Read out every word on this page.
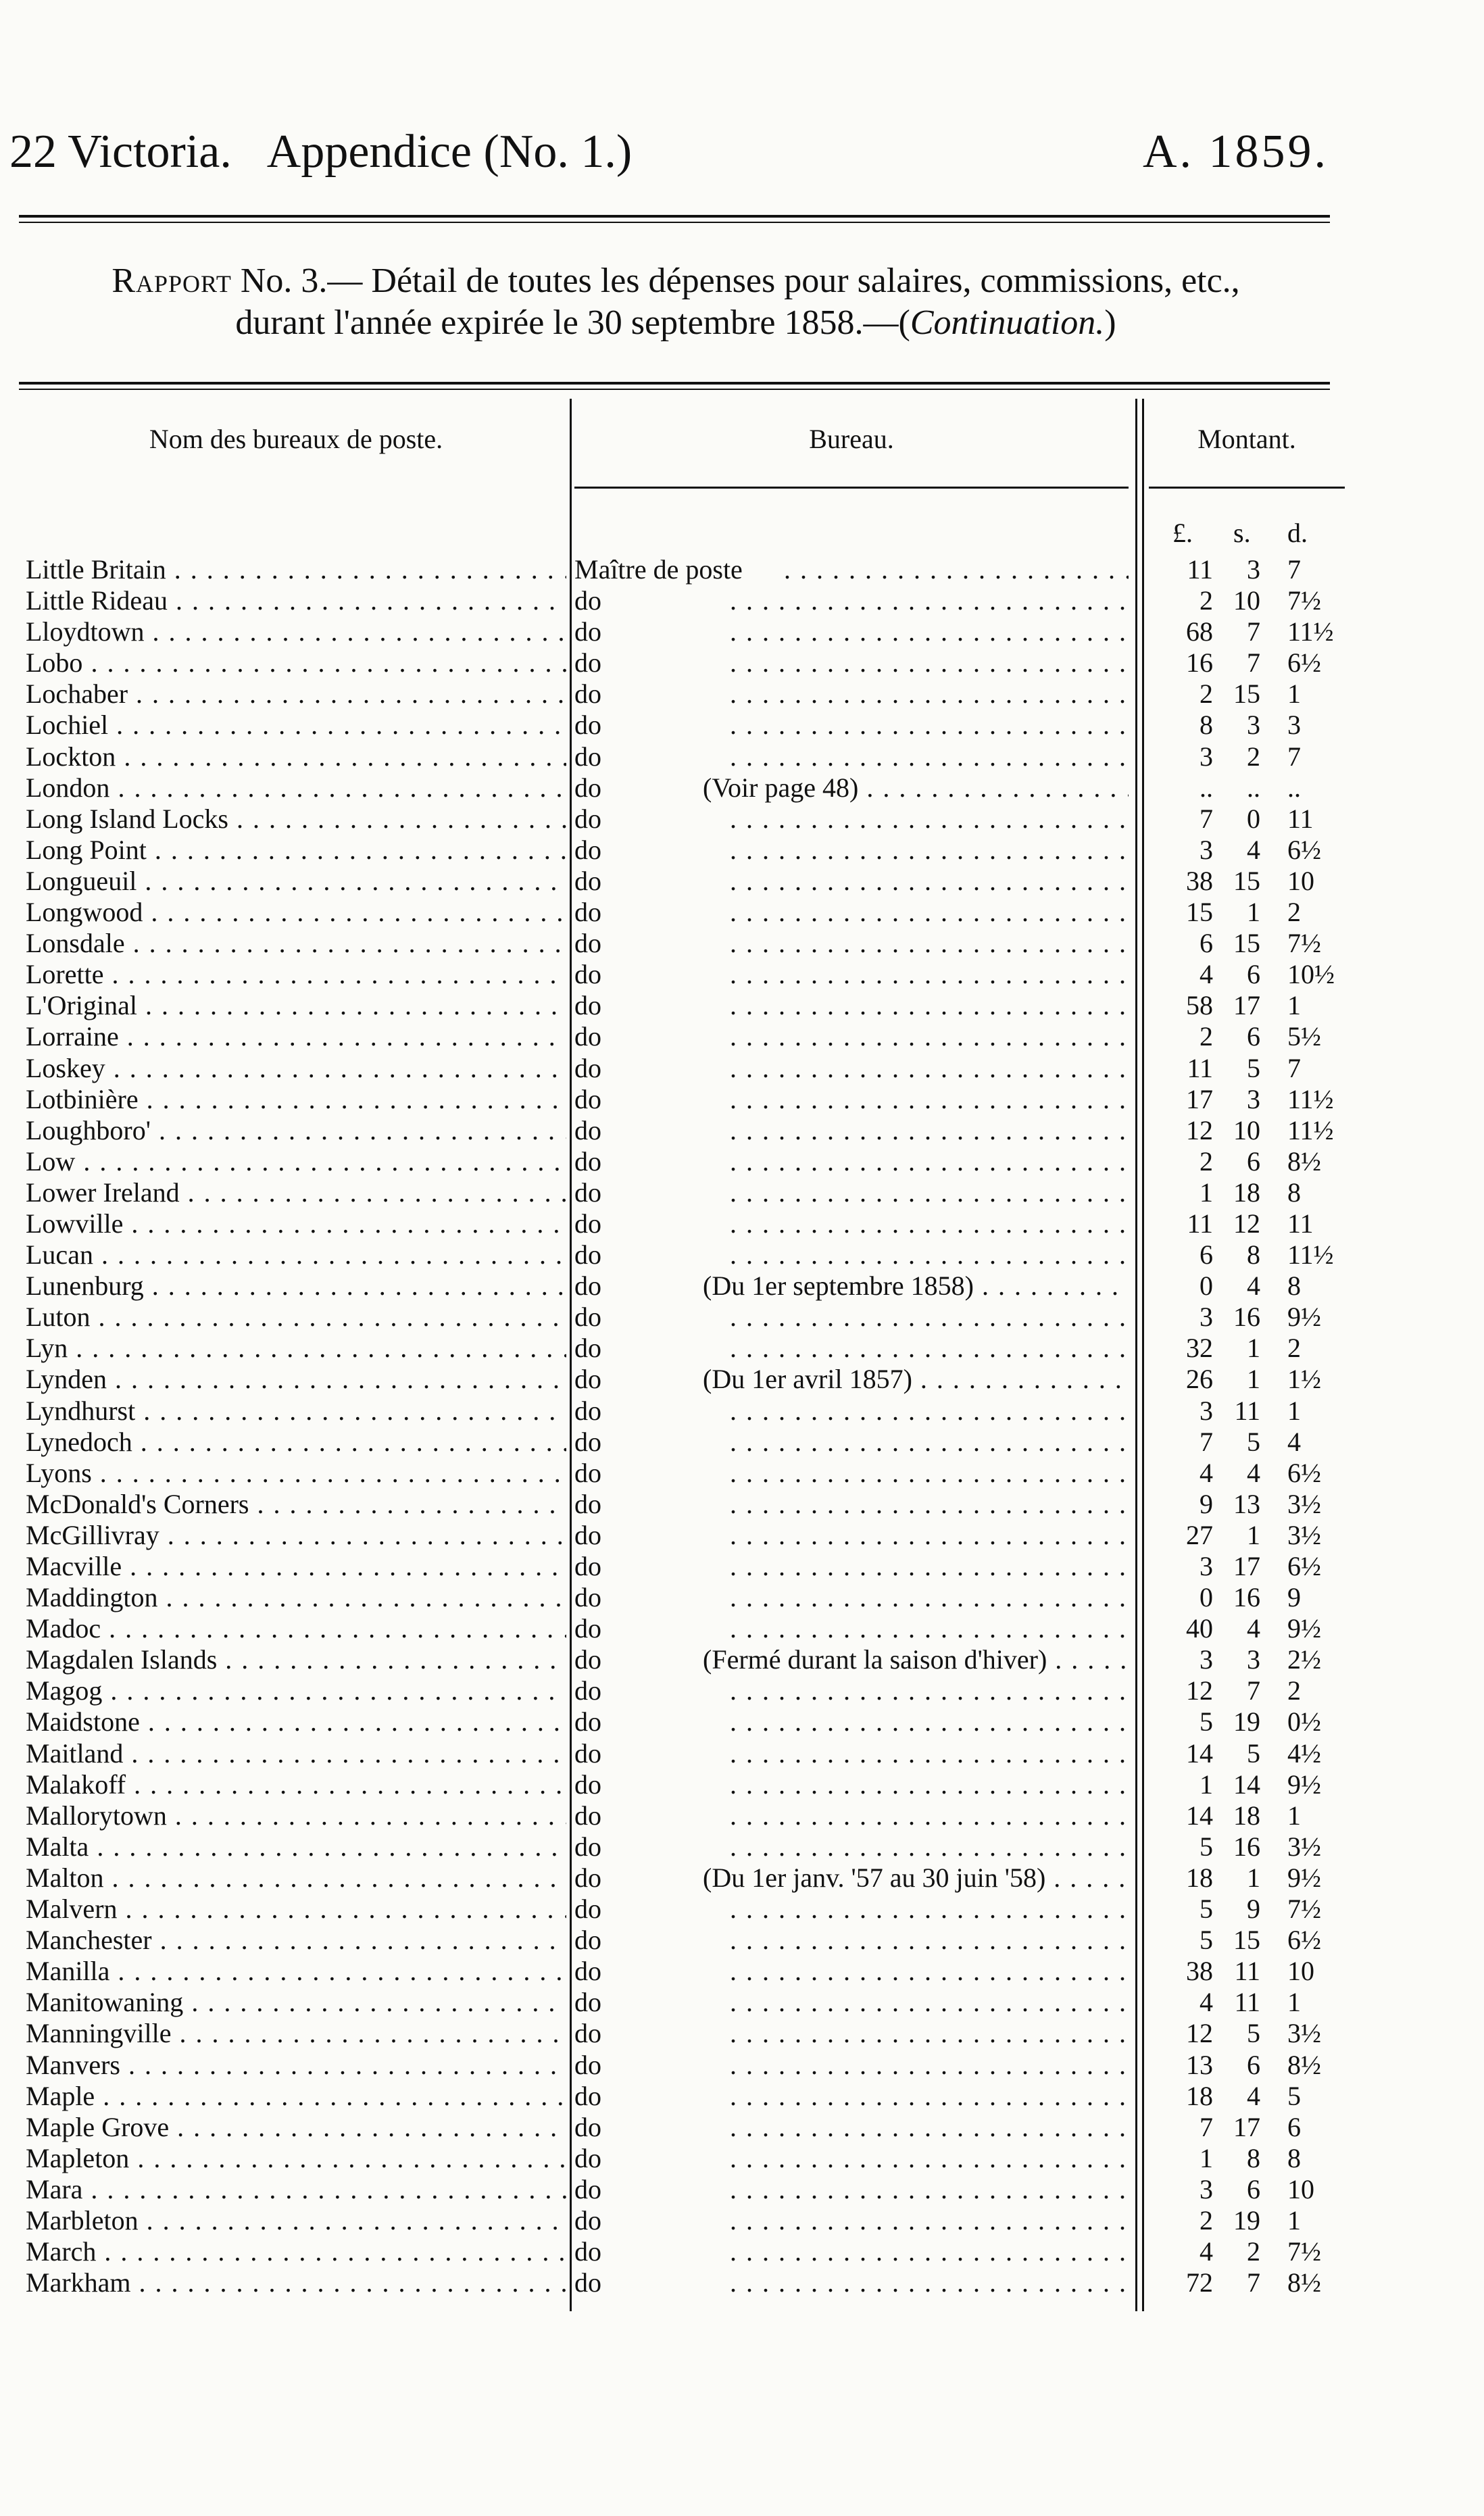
22 Victoria. Appendice (No. 1.)	A. 1859.
Rapport No. 3.— Détail de toutes les dépenses pour salaires, commissions, etc.,
durant l'année expirée le 30 septembre 1858.—(Continuation.)
Nom des bureaux de poste.	Bureau.	Montant.
£. s. d.
Little Britain . . .	Maître de poste . . .	11	3 7
Little Rideau . . .	do . . .	2 10 7½
Lloydtown . . .	do . . .	68	7 11½
Lobo . . .	do . . .	16	7 6½
Lochaber . . .	do . . .	2 15 1
Lochiel . . .	do . . .	8	3 3
Lockton . . .	do . . .	3	2 7
London . . .	do	(Voir page 48) . . .	..	.. ..
Long Island Locks . . .	do . . .	7	0 11
Long Point . . .	do . . .	3	4 6½
Longueuil . . .	do . . .	38 15 10
Longwood . . .	do . . .	15	1 2
Lonsdale . . .	do . . .	6 15 7½
Lorette . . .	do . . .	4	6 10½
L'Original . . .	do . . .	58 17 1
Lorraine . . .	do . . .	2	6 5½
Loskey . . .	do . . .	11	5 7
Lotbinière . . .	do . . .	17	3 11½
Loughboro' . . .	do . . .	12 10 11½
Low . . .	do . . .	2	6 8½
Lower Ireland . . .	do . . .	1 18 8
Lowville . . .	do . . .	11 12 11
Lucan . . .	do . . .	6	8 11½
Lunenburg . . .	do	(Du 1er septembre 1858) . . .	0	4 8
Luton . . .	do . . .	3 16 9½
Lyn . . .	do . . .	32	1 2
Lynden . . .	do	(Du 1er avril 1857) . . .	26	1 1½
Lyndhurst . . .	do . . .	3 11 1
Lynedoch . . .	do . . .	7	5 4
Lyons . . .	do . . .	4	4 6½
McDonald's Corners . . .	do . . .	9 13 3½
McGillivray . . .	do . . .	27	1 3½
Macville . . .	do . . .	3 17 6½
Maddington . . .	do . . .	0 16 9
Madoc . . .	do . . .	40	4 9½
Magdalen Islands . . .	do	(Fermé durant la saison d'hiver) . . .	3	3 2½
Magog . . .	do . . .	12	7 2
Maidstone . . .	do . . .	5 19 0½
Maitland . . .	do . . .	14	5 4½
Malakoff . . .	do . . .	1 14 9½
Mallorytown . . .	do . . .	14 18 1
Malta . . .	do . . .	5 16 3½
Malton . . .	do	(Du 1er janv. '57 au 30 juin '58) . . .	18	1 9½
Malvern . . .	do . . .	5	9 7½
Manchester . . .	do . . .	5 15 6½
Manilla . . .	do . . .	38 11 10
Manitowaning . . .	do . . .	4 11 1
Manningville . . .	do . . .	12	5 3½
Manvers . . .	do . . .	13	6 8½
Maple . . .	do . . .	18	4 5
Maple Grove . . .	do . . .	7 17 6
Mapleton . . .	do . . .	1	8 8
Mara . . .	do . . .	3	6 10
Marbleton . . .	do . . .	2 19 1
March . . .	do . . .	4	2 7½
Markham . . .	do . . .	72	7 8½
